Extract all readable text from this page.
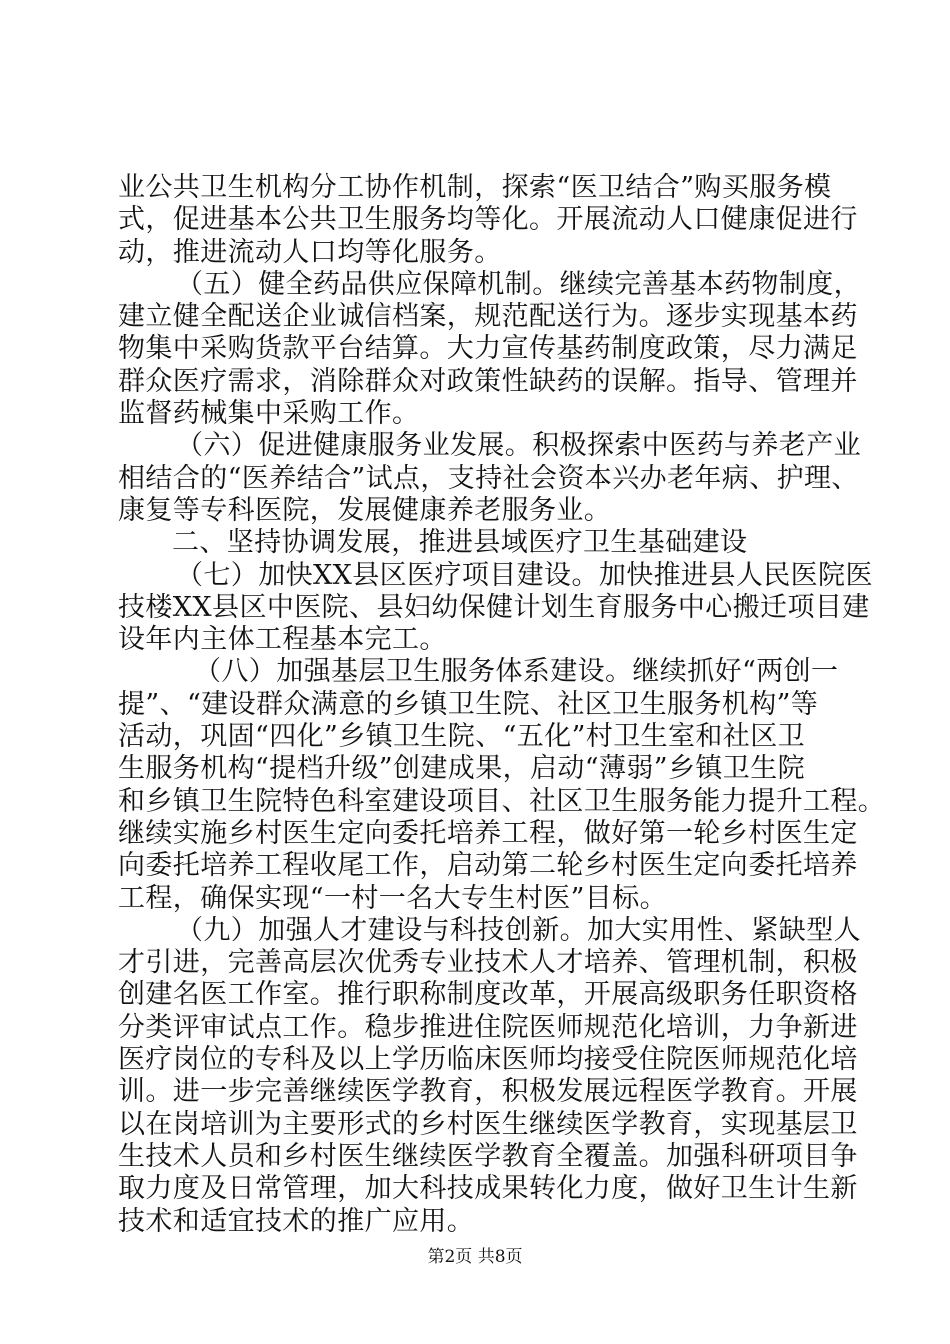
业公共卫生机构分工协作机制，探索“医卫结合”购买服务模
式，促进基本公共卫生服务均等化。开展流动人口健康促进行
动，推进流动人口均等化服务。
（五）健全药品供应保障机制。继续完善基本药物制度，
建立健全配送企业诚信档案，规范配送行为。逐步实现基本药
物集中采购货款平台结算。大力宣传基药制度政策，尽力满足
群众医疗需求，消除群众对政策性缺药的误解。指导、管理并
监督药械集中采购工作。
（六）促进健康服务业发展。积极探索中医药与养老产业
相结合的“医养结合”试点，支持社会资本兴办老年病、护理、
康复等专科医院，发展健康养老服务业。
二、坚持协调发展，推进县域医疗卫生基础建设
（七）加快XX县区医疗项目建设。加快推进县人民医院医
技楼XX县区中医院、县妇幼保健计划生育服务中心搬迁项目建
设年内主体工程基本完工。
（八）加强基层卫生服务体系建设。继续抓好“两创一
提”、“建设群众满意的乡镇卫生院、社区卫生服务机构”等
活动，巩固“四化”乡镇卫生院、“五化”村卫生室和社区卫
生服务机构“提档升级”创建成果，启动“薄弱”乡镇卫生院
和乡镇卫生院特色科室建设项目、社区卫生服务能力提升工程。
继续实施乡村医生定向委托培养工程，做好第一轮乡村医生定
向委托培养工程收尾工作，启动第二轮乡村医生定向委托培养
工程，确保实现“一村一名大专生村医”目标。
（九）加强人才建设与科技创新。加大实用性、紧缺型人
才引进，完善高层次优秀专业技术人才培养、管理机制，积极
创建名医工作室。推行职称制度改革，开展高级职务任职资格
分类评审试点工作。稳步推进住院医师规范化培训，力争新进
医疗岗位的专科及以上学历临床医师均接受住院医师规范化培
训。进一步完善继续医学教育，积极发展远程医学教育。开展
以在岗培训为主要形式的乡村医生继续医学教育，实现基层卫
生技术人员和乡村医生继续医学教育全覆盖。加强科研项目争
取力度及日常管理，加大科技成果转化力度，做好卫生计生新
技术和适宜技术的推广应用。
第2页 共8页
